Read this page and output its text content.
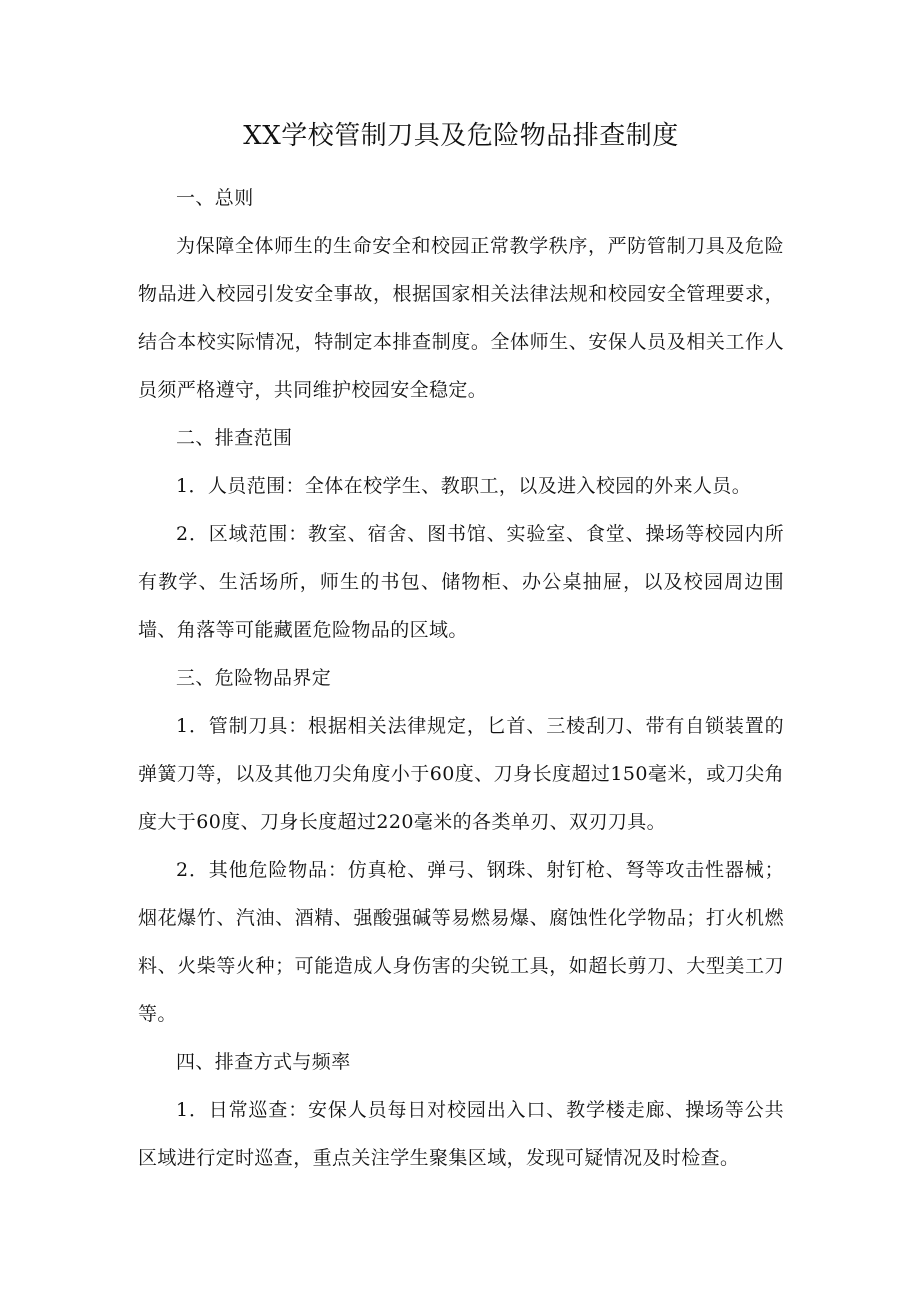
XX学校管制刀具及危险物品排查制度

一、总则

为保障全体师生的生命安全和校园正常教学秩序，严防管制刀具及危险物品进入校园引发安全事故，根据国家相关法律法规和校园安全管理要求，结合本校实际情况，特制定本排查制度。全体师生、安保人员及相关工作人员须严格遵守，共同维护校园安全稳定。

二、排查范围

1．人员范围：全体在校学生、教职工，以及进入校园的外来人员。

2．区域范围：教室、宿舍、图书馆、实验室、食堂、操场等校园内所有教学、生活场所，师生的书包、储物柜、办公桌抽屉，以及校园周边围墙、角落等可能藏匿危险物品的区域。

三、危险物品界定

1．管制刀具：根据相关法律规定，匕首、三棱刮刀、带有自锁装置的弹簧刀等，以及其他刀尖角度小于60度、刀身长度超过150毫米，或刀尖角度大于60度、刀身长度超过220毫米的各类单刃、双刃刀具。

2．其他危险物品：仿真枪、弹弓、钢珠、射钉枪、弩等攻击性器械；烟花爆竹、汽油、酒精、强酸强碱等易燃易爆、腐蚀性化学物品；打火机燃料、火柴等火种；可能造成人身伤害的尖锐工具，如超长剪刀、大型美工刀等。

四、排查方式与频率

1．日常巡查：安保人员每日对校园出入口、教学楼走廊、操场等公共区域进行定时巡查，重点关注学生聚集区域，发现可疑情况及时检查。
